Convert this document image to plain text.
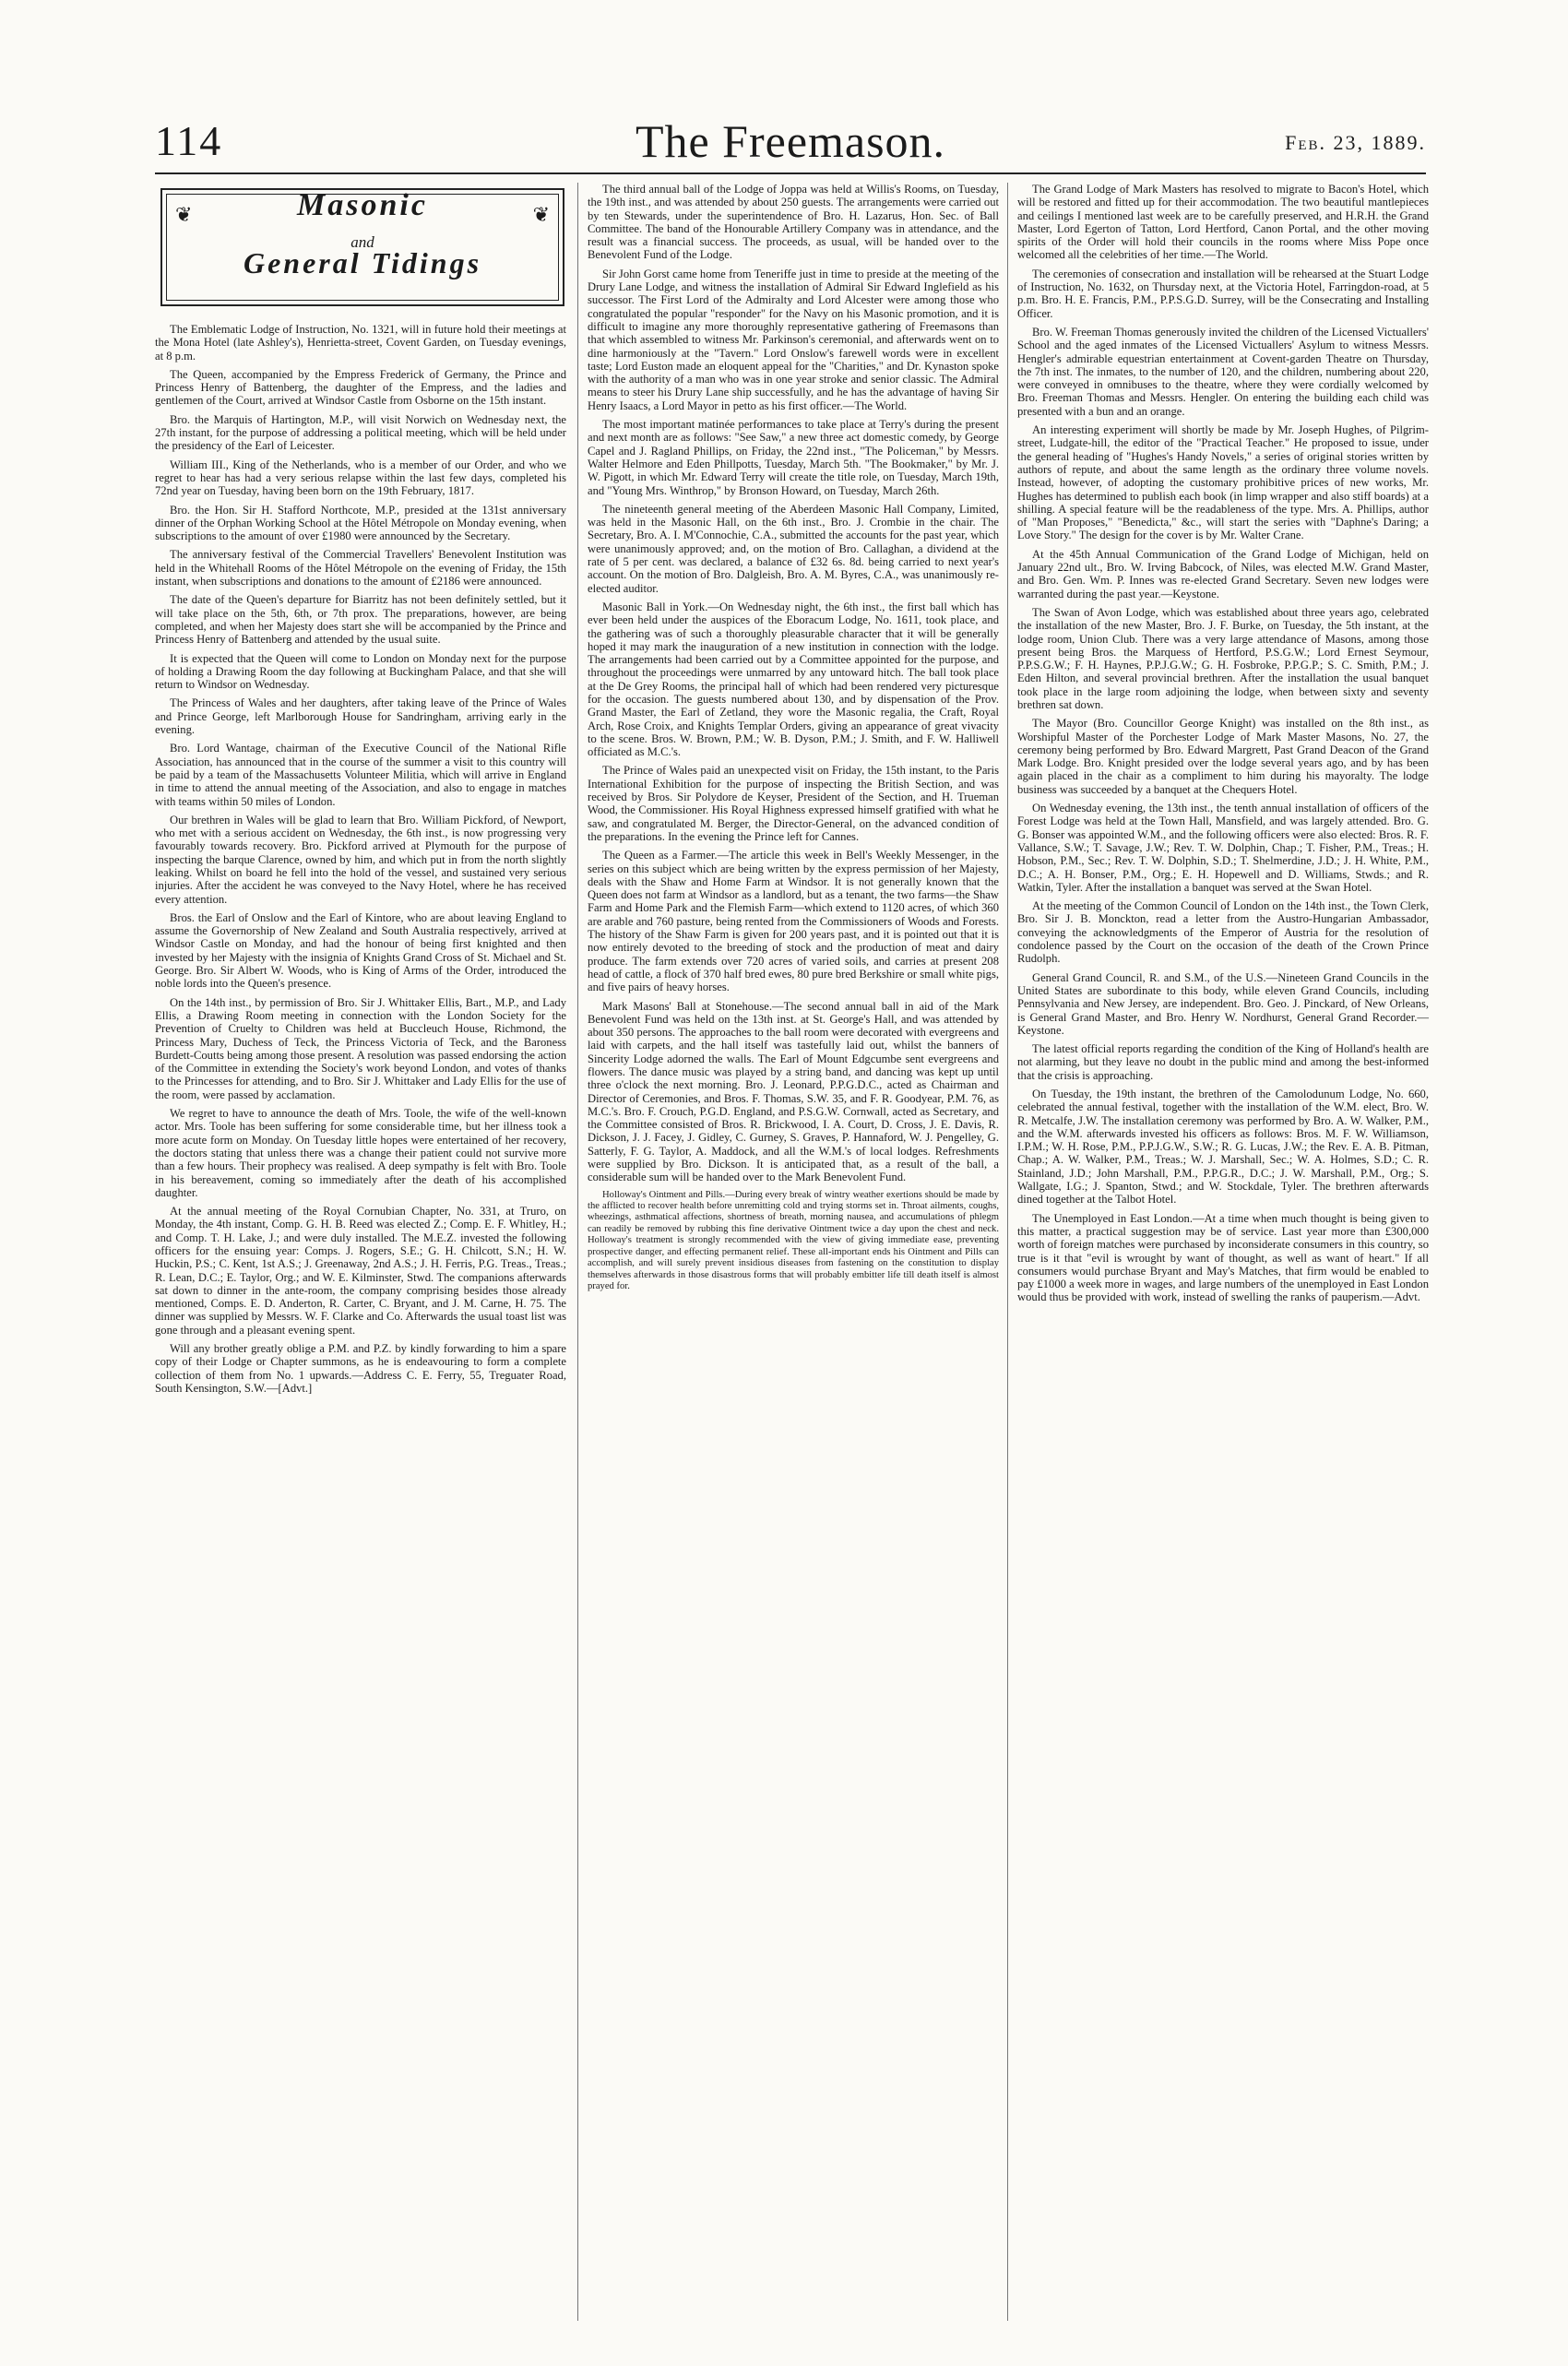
114	The Freemason.	Feb. 23, 1889.
❦	❦
Masonic
and
General Tidings

The Emblematic Lodge of Instruction, No. 1321, will in future hold their meetings at the Mona Hotel (late Ashley's), Henrietta-street, Covent Garden, on Tuesday evenings, at 8 p.m.

The Queen, accompanied by the Empress Frederick of Germany, the Prince and Princess Henry of Battenberg, the daughter of the Empress, and the ladies and gentlemen of the Court, arrived at Windsor Castle from Osborne on the 15th instant.

Bro. the Marquis of Hartington, M.P., will visit Norwich on Wednesday next, the 27th instant, for the purpose of addressing a political meeting, which will be held under the presidency of the Earl of Leicester.

William III., King of the Netherlands, who is a member of our Order, and who we regret to hear has had a very serious relapse within the last few days, completed his 72nd year on Tuesday, having been born on the 19th February, 1817.

Bro. the Hon. Sir H. Stafford Northcote, M.P., presided at the 131st anniversary dinner of the Orphan Working School at the Hôtel Métropole on Monday evening, when subscriptions to the amount of over £1980 were announced by the Secretary.

The anniversary festival of the Commercial Travellers' Benevolent Institution was held in the Whitehall Rooms of the Hôtel Métropole on the evening of Friday, the 15th instant, when subscriptions and donations to the amount of £2186 were announced.

The date of the Queen's departure for Biarritz has not been definitely settled, but it will take place on the 5th, 6th, or 7th prox. The preparations, however, are being completed, and when her Majesty does start she will be accompanied by the Prince and Princess Henry of Battenberg and attended by the usual suite.

It is expected that the Queen will come to London on Monday next for the purpose of holding a Drawing Room the day following at Buckingham Palace, and that she will return to Windsor on Wednesday.

The Princess of Wales and her daughters, after taking leave of the Prince of Wales and Prince George, left Marlborough House for Sandringham, arriving early in the evening.

Bro. Lord Wantage, chairman of the Executive Council of the National Rifle Association, has announced that in the course of the summer a visit to this country will be paid by a team of the Massachusetts Volunteer Militia, which will arrive in England in time to attend the annual meeting of the Association, and also to engage in matches with teams within 50 miles of London.

Our brethren in Wales will be glad to learn that Bro. William Pickford, of Newport, who met with a serious accident on Wednesday, the 6th inst., is now progressing very favourably towards recovery. Bro. Pickford arrived at Plymouth for the purpose of inspecting the barque Clarence, owned by him, and which put in from the north slightly leaking. Whilst on board he fell into the hold of the vessel, and sustained very serious injuries. After the accident he was conveyed to the Navy Hotel, where he has received every attention.

Bros. the Earl of Onslow and the Earl of Kintore, who are about leaving England to assume the Governorship of New Zealand and South Australia respectively, arrived at Windsor Castle on Monday, and had the honour of being first knighted and then invested by her Majesty with the insignia of Knights Grand Cross of St. Michael and St. George. Bro. Sir Albert W. Woods, who is King of Arms of the Order, introduced the noble lords into the Queen's presence.

On the 14th inst., by permission of Bro. Sir J. Whittaker Ellis, Bart., M.P., and Lady Ellis, a Drawing Room meeting in connection with the London Society for the Prevention of Cruelty to Children was held at Buccleuch House, Richmond, the Princess Mary, Duchess of Teck, the Princess Victoria of Teck, and the Baroness Burdett-Coutts being among those present. A resolution was passed endorsing the action of the Committee in extending the Society's work beyond London, and votes of thanks to the Princesses for attending, and to Bro. Sir J. Whittaker and Lady Ellis for the use of the room, were passed by acclamation.

We regret to have to announce the death of Mrs. Toole, the wife of the well-known actor. Mrs. Toole has been suffering for some considerable time, but her illness took a more acute form on Monday. On Tuesday little hopes were entertained of her recovery, the doctors stating that unless there was a change their patient could not survive more than a few hours. Their prophecy was realised. A deep sympathy is felt with Bro. Toole in his bereavement, coming so immediately after the death of his accomplished daughter.

At the annual meeting of the Royal Cornubian Chapter, No. 331, at Truro, on Monday, the 4th instant, Comp. G. H. B. Reed was elected Z.; Comp. E. F. Whitley, H.; and Comp. T. H. Lake, J.; and were duly installed. The M.E.Z. invested the following officers for the ensuing year: Comps. J. Rogers, S.E.; G. H. Chilcott, S.N.; H. W. Huckin, P.S.; C. Kent, 1st A.S.; J. Greenaway, 2nd A.S.; J. H. Ferris, P.G. Treas., Treas.; R. Lean, D.C.; E. Taylor, Org.; and W. E. Kilminster, Stwd. The companions afterwards sat down to dinner in the ante-room, the company comprising besides those already mentioned, Comps. E. D. Anderton, R. Carter, C. Bryant, and J. M. Carne, H. 75. The dinner was supplied by Messrs. W. F. Clarke and Co. Afterwards the usual toast list was gone through and a pleasant evening spent.

Will any brother greatly oblige a P.M. and P.Z. by kindly forwarding to him a spare copy of their Lodge or Chapter summons, as he is endeavouring to form a complete collection of them from No. 1 upwards.—Address C. E. Ferry, 55, Treguater Road, South Kensington, S.W.—[Advt.]

The third annual ball of the Lodge of Joppa was held at Willis's Rooms, on Tuesday, the 19th inst., and was attended by about 250 guests. The arrangements were carried out by ten Stewards, under the superintendence of Bro. H. Lazarus, Hon. Sec. of Ball Committee. The band of the Honourable Artillery Company was in attendance, and the result was a financial success. The proceeds, as usual, will be handed over to the Benevolent Fund of the Lodge.

Sir John Gorst came home from Teneriffe just in time to preside at the meeting of the Drury Lane Lodge, and witness the installation of Admiral Sir Edward Inglefield as his successor. The First Lord of the Admiralty and Lord Alcester were among those who congratulated the popular "responder" for the Navy on his Masonic promotion, and it is difficult to imagine any more thoroughly representative gathering of Freemasons than that which assembled to witness Mr. Parkinson's ceremonial, and afterwards went on to dine harmoniously at the "Tavern." Lord Onslow's farewell words were in excellent taste; Lord Euston made an eloquent appeal for the "Charities," and Dr. Kynaston spoke with the authority of a man who was in one year stroke and senior classic. The Admiral means to steer his Drury Lane ship successfully, and he has the advantage of having Sir Henry Isaacs, a Lord Mayor in petto as his first officer.—The World.

The most important matinée performances to take place at Terry's during the present and next month are as follows: "See Saw," a new three act domestic comedy, by George Capel and J. Ragland Phillips, on Friday, the 22nd inst., "The Policeman," by Messrs. Walter Helmore and Eden Phillpotts, Tuesday, March 5th. "The Bookmaker," by Mr. J. W. Pigott, in which Mr. Edward Terry will create the title role, on Tuesday, March 19th, and "Young Mrs. Winthrop," by Bronson Howard, on Tuesday, March 26th.

The nineteenth general meeting of the Aberdeen Masonic Hall Company, Limited, was held in the Masonic Hall, on the 6th inst., Bro. J. Crombie in the chair. The Secretary, Bro. A. I. M'Connochie, C.A., submitted the accounts for the past year, which were unanimously approved; and, on the motion of Bro. Callaghan, a dividend at the rate of 5 per cent. was declared, a balance of £32 6s. 8d. being carried to next year's account. On the motion of Bro. Dalgleish, Bro. A. M. Byres, C.A., was unanimously re-elected auditor.

Masonic Ball in York.—On Wednesday night, the 6th inst., the first ball which has ever been held under the auspices of the Eboracum Lodge, No. 1611, took place, and the gathering was of such a thoroughly pleasurable character that it will be generally hoped it may mark the inauguration of a new institution in connection with the lodge. The arrangements had been carried out by a Committee appointed for the purpose, and throughout the proceedings were unmarred by any untoward hitch. The ball took place at the De Grey Rooms, the principal hall of which had been rendered very picturesque for the occasion. The guests numbered about 130, and by dispensation of the Prov. Grand Master, the Earl of Zetland, they wore the Masonic regalia, the Craft, Royal Arch, Rose Croix, and Knights Templar Orders, giving an appearance of great vivacity to the scene. Bros. W. Brown, P.M.; W. B. Dyson, P.M.; J. Smith, and F. W. Halliwell officiated as M.C.'s.

The Prince of Wales paid an unexpected visit on Friday, the 15th instant, to the Paris International Exhibition for the purpose of inspecting the British Section, and was received by Bros. Sir Polydore de Keyser, President of the Section, and H. Trueman Wood, the Commissioner. His Royal Highness expressed himself gratified with what he saw, and congratulated M. Berger, the Director-General, on the advanced condition of the preparations. In the evening the Prince left for Cannes.

The Queen as a Farmer.—The article this week in Bell's Weekly Messenger, in the series on this subject which are being written by the express permission of her Majesty, deals with the Shaw and Home Farm at Windsor. It is not generally known that the Queen does not farm at Windsor as a landlord, but as a tenant, the two farms—the Shaw Farm and Home Park and the Flemish Farm—which extend to 1120 acres, of which 360 are arable and 760 pasture, being rented from the Commissioners of Woods and Forests. The history of the Shaw Farm is given for 200 years past, and it is pointed out that it is now entirely devoted to the breeding of stock and the production of meat and dairy produce. The farm extends over 720 acres of varied soils, and carries at present 208 head of cattle, a flock of 370 half bred ewes, 80 pure bred Berkshire or small white pigs, and five pairs of heavy horses.

Mark Masons' Ball at Stonehouse.—The second annual ball in aid of the Mark Benevolent Fund was held on the 13th inst. at St. George's Hall, and was attended by about 350 persons. The approaches to the ball room were decorated with evergreens and laid with carpets, and the hall itself was tastefully laid out, whilst the banners of Sincerity Lodge adorned the walls. The Earl of Mount Edgcumbe sent evergreens and flowers. The dance music was played by a string band, and dancing was kept up until three o'clock the next morning. Bro. J. Leonard, P.P.G.D.C., acted as Chairman and Director of Ceremonies, and Bros. F. Thomas, S.W. 35, and F. R. Goodyear, P.M. 76, as M.C.'s. Bro. F. Crouch, P.G.D. England, and P.S.G.W. Cornwall, acted as Secretary, and the Committee consisted of Bros. R. Brickwood, I. A. Court, D. Cross, J. E. Davis, R. Dickson, J. J. Facey, J. Gidley, C. Gurney, S. Graves, P. Hannaford, W. J. Pengelley, G. Satterly, F. G. Taylor, A. Maddock, and all the W.M.'s of local lodges. Refreshments were supplied by Bro. Dickson. It is anticipated that, as a result of the ball, a considerable sum will be handed over to the Mark Benevolent Fund.

Holloway's Ointment and Pills.—During every break of wintry weather exertions should be made by the afflicted to recover health before unremitting cold and trying storms set in. Throat ailments, coughs, wheezings, asthmatical affections, shortness of breath, morning nausea, and accumulations of phlegm can readily be removed by rubbing this fine derivative Ointment twice a day upon the chest and neck. Holloway's treatment is strongly recommended with the view of giving immediate ease, preventing prospective danger, and effecting permanent relief. These all-important ends his Ointment and Pills can accomplish, and will surely prevent insidious diseases from fastening on the constitution to display themselves afterwards in those disastrous forms that will probably embitter life till death itself is almost prayed for.

The Grand Lodge of Mark Masters has resolved to migrate to Bacon's Hotel, which will be restored and fitted up for their accommodation. The two beautiful mantlepieces and ceilings I mentioned last week are to be carefully preserved, and H.R.H. the Grand Master, Lord Egerton of Tatton, Lord Hertford, Canon Portal, and the other moving spirits of the Order will hold their councils in the rooms where Miss Pope once welcomed all the celebrities of her time.—The World.

The ceremonies of consecration and installation will be rehearsed at the Stuart Lodge of Instruction, No. 1632, on Thursday next, at the Victoria Hotel, Farringdon-road, at 5 p.m. Bro. H. E. Francis, P.M., P.P.S.G.D. Surrey, will be the Consecrating and Installing Officer.

Bro. W. Freeman Thomas generously invited the children of the Licensed Victuallers' School and the aged inmates of the Licensed Victuallers' Asylum to witness Messrs. Hengler's admirable equestrian entertainment at Covent-garden Theatre on Thursday, the 7th inst. The inmates, to the number of 120, and the children, numbering about 220, were conveyed in omnibuses to the theatre, where they were cordially welcomed by Bro. Freeman Thomas and Messrs. Hengler. On entering the building each child was presented with a bun and an orange.

An interesting experiment will shortly be made by Mr. Joseph Hughes, of Pilgrim-street, Ludgate-hill, the editor of the "Practical Teacher." He proposed to issue, under the general heading of "Hughes's Handy Novels," a series of original stories written by authors of repute, and about the same length as the ordinary three volume novels. Instead, however, of adopting the customary prohibitive prices of new works, Mr. Hughes has determined to publish each book (in limp wrapper and also stiff boards) at a shilling. A special feature will be the readableness of the type. Mrs. A. Phillips, author of "Man Proposes," "Benedicta," &c., will start the series with "Daphne's Daring; a Love Story." The design for the cover is by Mr. Walter Crane.

At the 45th Annual Communication of the Grand Lodge of Michigan, held on January 22nd ult., Bro. W. Irving Babcock, of Niles, was elected M.W. Grand Master, and Bro. Gen. Wm. P. Innes was re-elected Grand Secretary. Seven new lodges were warranted during the past year.—Keystone.

The Swan of Avon Lodge, which was established about three years ago, celebrated the installation of the new Master, Bro. J. F. Burke, on Tuesday, the 5th instant, at the lodge room, Union Club. There was a very large attendance of Masons, among those present being Bros. the Marquess of Hertford, P.S.G.W.; Lord Ernest Seymour, P.P.S.G.W.; F. H. Haynes, P.P.J.G.W.; G. H. Fosbroke, P.P.G.P.; S. C. Smith, P.M.; J. Eden Hilton, and several provincial brethren. After the installation the usual banquet took place in the large room adjoining the lodge, when between sixty and seventy brethren sat down.

The Mayor (Bro. Councillor George Knight) was installed on the 8th inst., as Worshipful Master of the Porchester Lodge of Mark Master Masons, No. 27, the ceremony being performed by Bro. Edward Margrett, Past Grand Deacon of the Grand Mark Lodge. Bro. Knight presided over the lodge several years ago, and by has been again placed in the chair as a compliment to him during his mayoralty. The lodge business was succeeded by a banquet at the Chequers Hotel.

On Wednesday evening, the 13th inst., the tenth annual installation of officers of the Forest Lodge was held at the Town Hall, Mansfield, and was largely attended. Bro. G. G. Bonser was appointed W.M., and the following officers were also elected: Bros. R. F. Vallance, S.W.; T. Savage, J.W.; Rev. T. W. Dolphin, Chap.; T. Fisher, P.M., Treas.; H. Hobson, P.M., Sec.; Rev. T. W. Dolphin, S.D.; T. Shelmerdine, J.D.; J. H. White, P.M., D.C.; A. H. Bonser, P.M., Org.; E. H. Hopewell and D. Williams, Stwds.; and R. Watkin, Tyler. After the installation a banquet was served at the Swan Hotel.

At the meeting of the Common Council of London on the 14th inst., the Town Clerk, Bro. Sir J. B. Monckton, read a letter from the Austro-Hungarian Ambassador, conveying the acknowledgments of the Emperor of Austria for the resolution of condolence passed by the Court on the occasion of the death of the Crown Prince Rudolph.

General Grand Council, R. and S.M., of the U.S.—Nineteen Grand Councils in the United States are subordinate to this body, while eleven Grand Councils, including Pennsylvania and New Jersey, are independent. Bro. Geo. J. Pinckard, of New Orleans, is General Grand Master, and Bro. Henry W. Nordhurst, General Grand Recorder.—Keystone.

The latest official reports regarding the condition of the King of Holland's health are not alarming, but they leave no doubt in the public mind and among the best-informed that the crisis is approaching.

On Tuesday, the 19th instant, the brethren of the Camolodunum Lodge, No. 660, celebrated the annual festival, together with the installation of the W.M. elect, Bro. W. R. Metcalfe, J.W. The installation ceremony was performed by Bro. A. W. Walker, P.M., and the W.M. afterwards invested his officers as follows: Bros. M. F. W. Williamson, I.P.M.; W. H. Rose, P.M., P.P.J.G.W., S.W.; R. G. Lucas, J.W.; the Rev. E. A. B. Pitman, Chap.; A. W. Walker, P.M., Treas.; W. J. Marshall, Sec.; W. A. Holmes, S.D.; C. R. Stainland, J.D.; John Marshall, P.M., P.P.G.R., D.C.; J. W. Marshall, P.M., Org.; S. Wallgate, I.G.; J. Spanton, Stwd.; and W. Stockdale, Tyler. The brethren afterwards dined together at the Talbot Hotel.

The Unemployed in East London.—At a time when much thought is being given to this matter, a practical suggestion may be of service. Last year more than £300,000 worth of foreign matches were purchased by inconsiderate consumers in this country, so true is it that "evil is wrought by want of thought, as well as want of heart." If all consumers would purchase Bryant and May's Matches, that firm would be enabled to pay £1000 a week more in wages, and large numbers of the unemployed in East London would thus be provided with work, instead of swelling the ranks of pauperism.—Advt.
